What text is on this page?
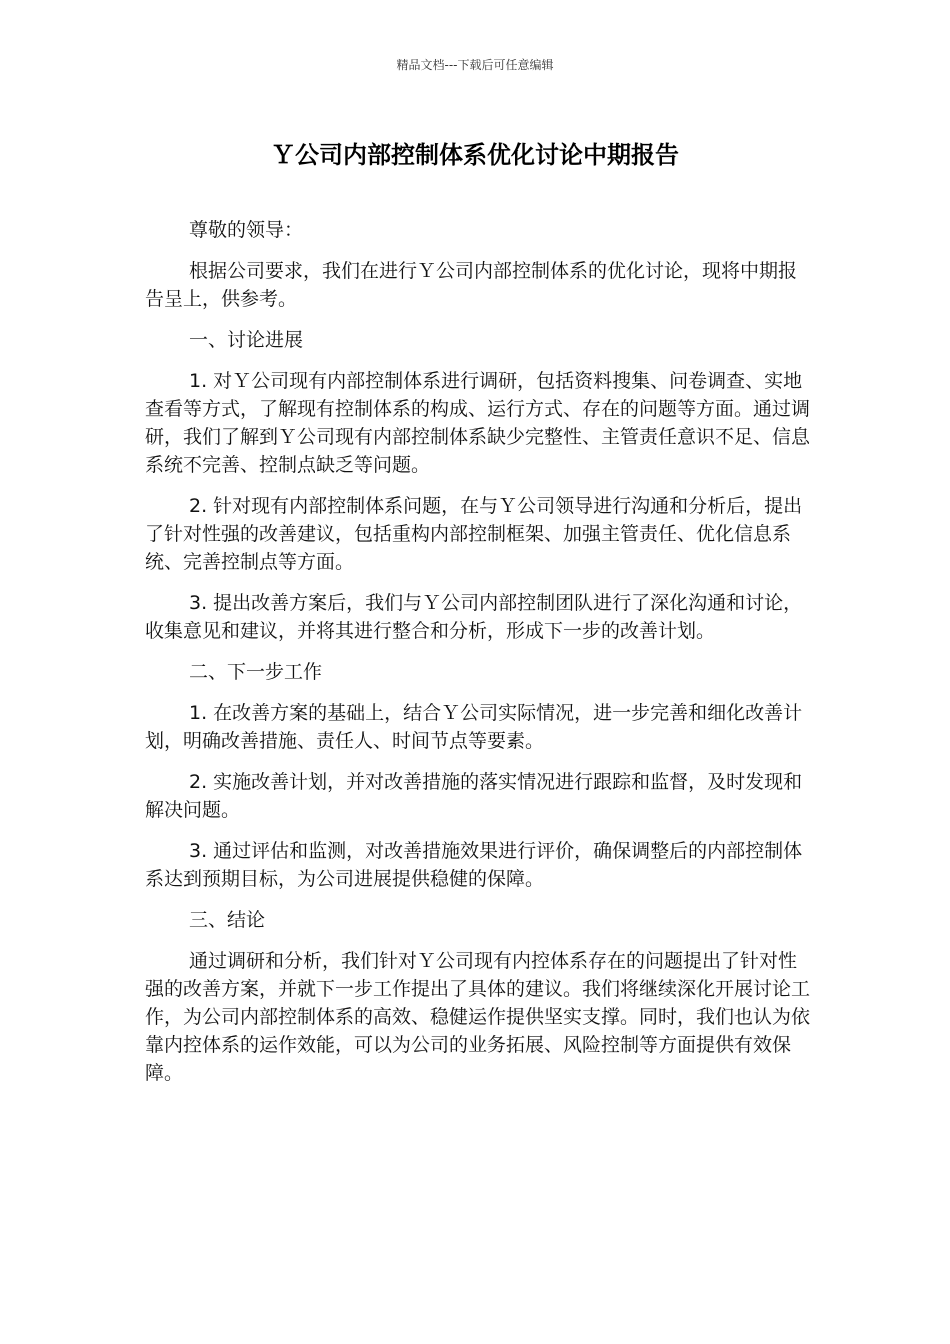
精品文档---下载后可任意编辑
Ｙ公司内部控制体系优化讨论中期报告

尊敬的领导：

根据公司要求，我们在进行Ｙ公司内部控制体系的优化讨论，现将中期报告呈上，供参考。

一、讨论进展

1. 对Ｙ公司现有内部控制体系进行调研，包括资料搜集、问卷调查、实地查看等方式，了解现有控制体系的构成、运行方式、存在的问题等方面。通过调研，我们了解到Ｙ公司现有内部控制体系缺少完整性、主管责任意识不足、信息系统不完善、控制点缺乏等问题。

2. 针对现有内部控制体系问题，在与Ｙ公司领导进行沟通和分析后，提出了针对性强的改善建议，包括重构内部控制框架、加强主管责任、优化信息系统、完善控制点等方面。

3. 提出改善方案后，我们与Ｙ公司内部控制团队进行了深化沟通和讨论，收集意见和建议，并将其进行整合和分析，形成下一步的改善计划。

二、下一步工作

1. 在改善方案的基础上，结合Ｙ公司实际情况，进一步完善和细化改善计划，明确改善措施、责任人、时间节点等要素。

2. 实施改善计划，并对改善措施的落实情况进行跟踪和监督，及时发现和解决问题。

3. 通过评估和监测，对改善措施效果进行评价，确保调整后的内部控制体系达到预期目标，为公司进展提供稳健的保障。

三、结论

通过调研和分析，我们针对Ｙ公司现有内控体系存在的问题提出了针对性强的改善方案，并就下一步工作提出了具体的建议。我们将继续深化开展讨论工作，为公司内部控制体系的高效、稳健运作提供坚实支撑。同时，我们也认为依靠内控体系的运作效能，可以为公司的业务拓展、风险控制等方面提供有效保障。
